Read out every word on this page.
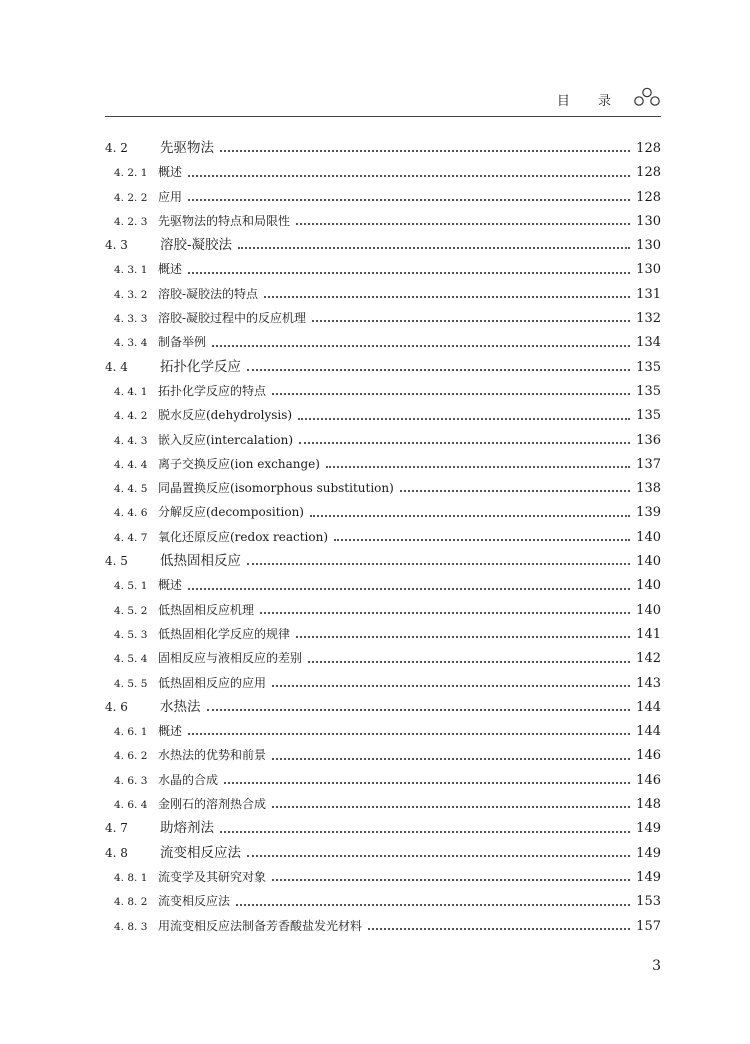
目 录
4. 2	先驱物法	128
4. 2. 1 概述	128
4. 2. 2 应用	128
4. 2. 3 先驱物法的特点和局限性	130
4. 3	溶胶-凝胶法	130
4. 3. 1 概述	130
4. 3. 2 溶胶-凝胶法的特点	131
4. 3. 3 溶胶-凝胶过程中的反应机理	132
4. 3. 4 制备举例	134
4. 4	拓扑化学反应	135
4. 4. 1 拓扑化学反应的特点	135
4. 4. 2 脱水反应(dehydrolysis)	135
4. 4. 3 嵌入反应(intercalation)	136
4. 4. 4 离子交换反应(ion exchange)	137
4. 4. 5 同晶置换反应(isomorphous substitution)	138
4. 4. 6 分解反应(decomposition)	139
4. 4. 7 氧化还原反应(redox reaction)	140
4. 5	低热固相反应	140
4. 5. 1 概述	140
4. 5. 2 低热固相反应机理	140
4. 5. 3 低热固相化学反应的规律	141
4. 5. 4 固相反应与液相反应的差别	142
4. 5. 5 低热固相反应的应用	143
4. 6	水热法	144
4. 6. 1 概述	144
4. 6. 2 水热法的优势和前景	146
4. 6. 3 水晶的合成	146
4. 6. 4 金刚石的溶剂热合成	148
4. 7	助熔剂法	149
4. 8	流变相反应法	149
4. 8. 1 流变学及其研究对象	149
4. 8. 2 流变相反应法	153
4. 8. 3 用流变相反应法制备芳香酸盐发光材料	157
3
